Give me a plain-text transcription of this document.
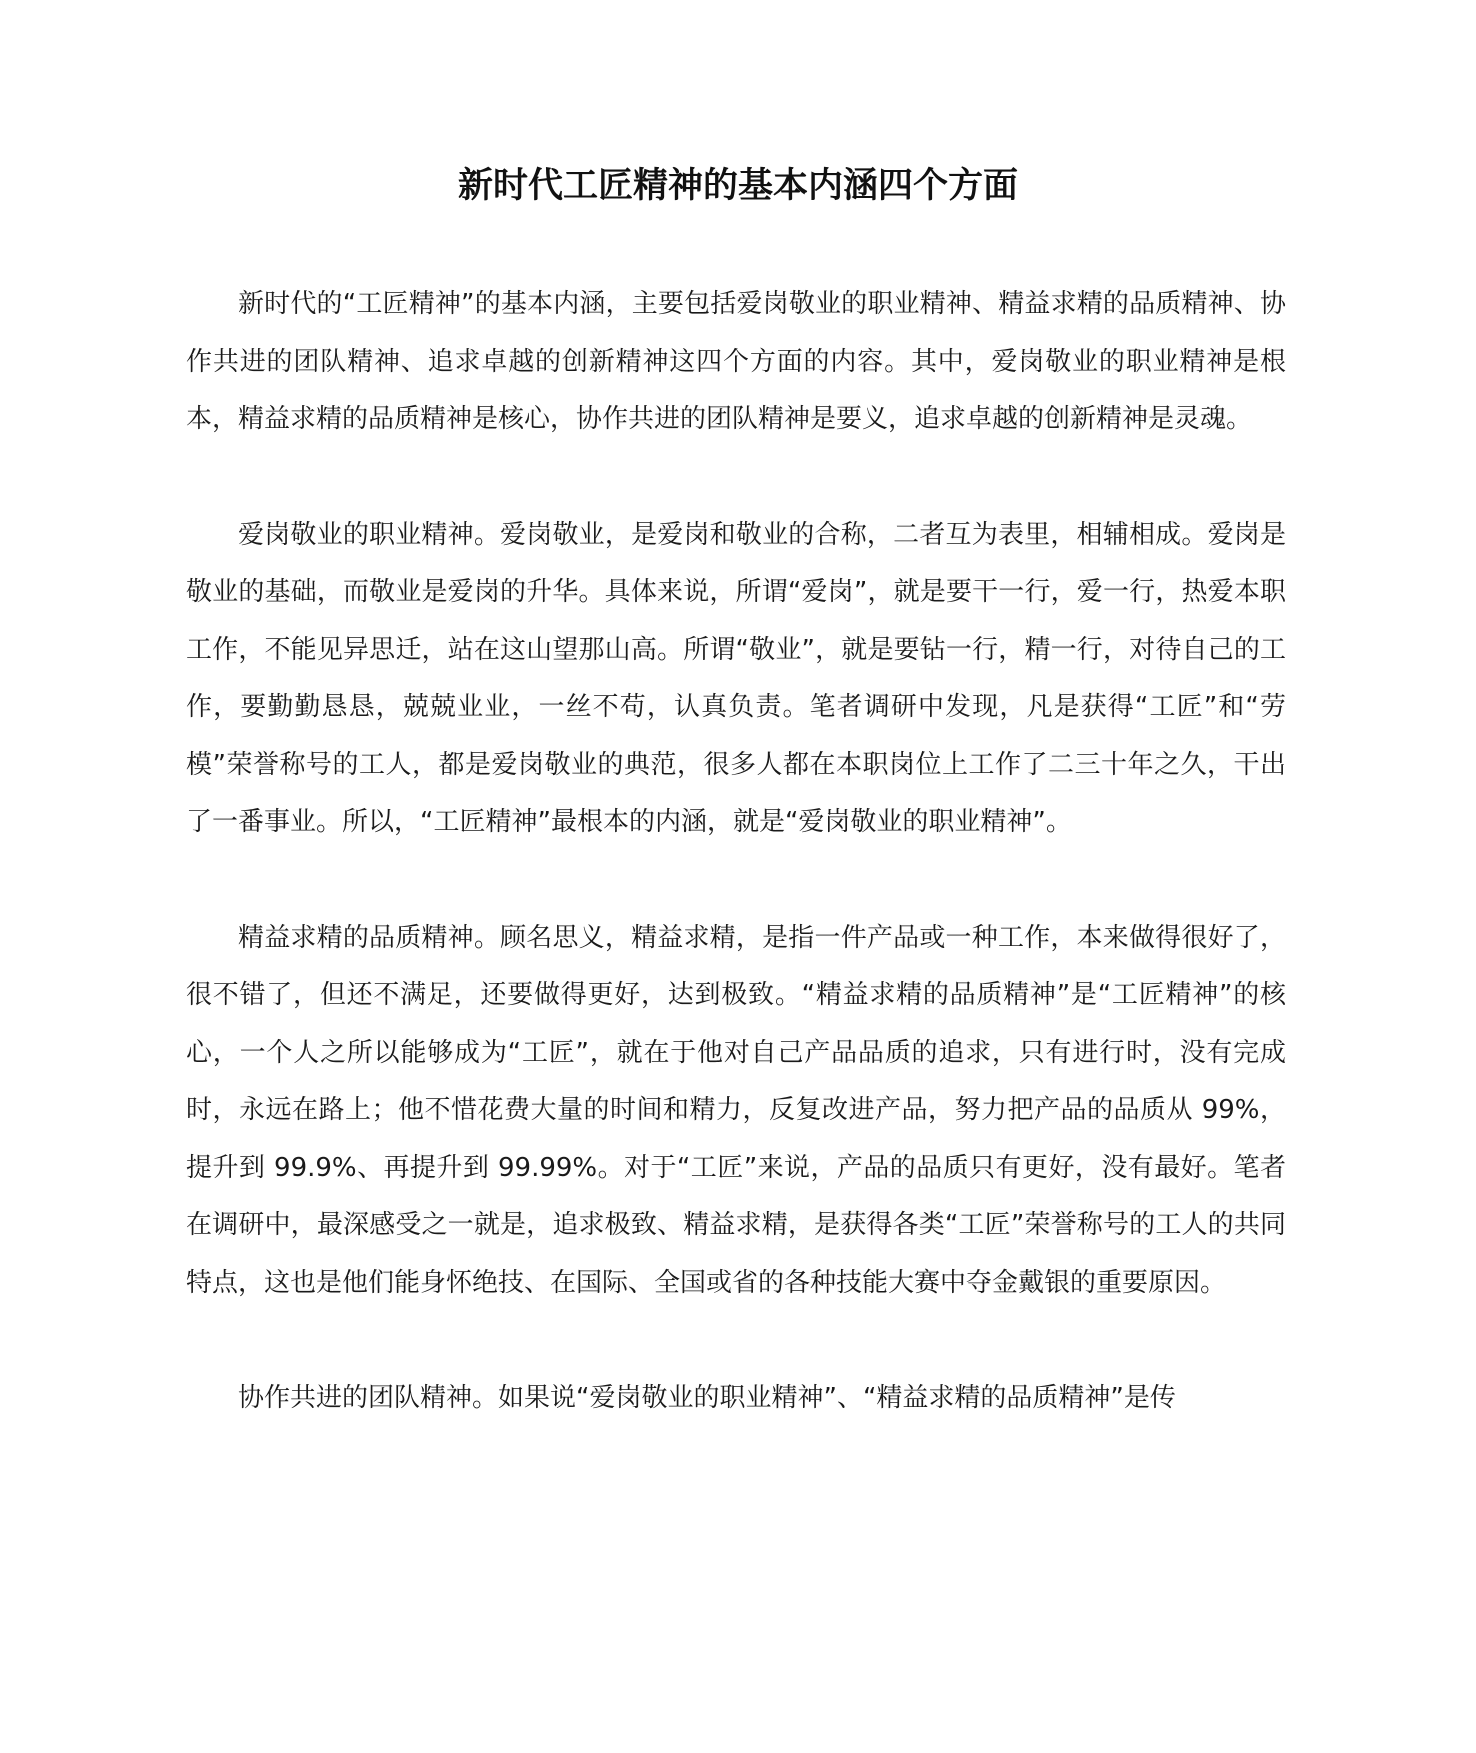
新时代工匠精神的基本内涵四个方面

新时代的“工匠精神”的基本内涵，主要包括爱岗敬业的职业精神、精益求精的品质精神、协作共进的团队精神、追求卓越的创新精神这四个方面的内容。其中，爱岗敬业的职业精神是根本，精益求精的品质精神是核心，协作共进的团队精神是要义，追求卓越的创新精神是灵魂。

爱岗敬业的职业精神。爱岗敬业，是爱岗和敬业的合称，二者互为表里，相辅相成。爱岗是敬业的基础，而敬业是爱岗的升华。具体来说，所谓“爱岗”，就是要干一行，爱一行，热爱本职工作，不能见异思迁，站在这山望那山高。所谓“敬业”，就是要钻一行，精一行，对待自己的工作，要勤勤恳恳，兢兢业业，一丝不苟，认真负责。笔者调研中发现，凡是获得“工匠”和“劳模”荣誉称号的工人，都是爱岗敬业的典范，很多人都在本职岗位上工作了二三十年之久，干出了一番事业。所以，“工匠精神”最根本的内涵，就是“爱岗敬业的职业精神”。

精益求精的品质精神。顾名思义，精益求精，是指一件产品或一种工作，本来做得很好了，很不错了，但还不满足，还要做得更好，达到极致。“精益求精的品质精神”是“工匠精神”的核心，一个人之所以能够成为“工匠”，就在于他对自己产品品质的追求，只有进行时，没有完成时，永远在路上；他不惜花费大量的时间和精力，反复改进产品，努力把产品的品质从 99%，提升到 99.9%、再提升到 99.99%。对于“工匠”来说，产品的品质只有更好，没有最好。笔者在调研中，最深感受之一就是，追求极致、精益求精，是获得各类“工匠”荣誉称号的工人的共同特点，这也是他们能身怀绝技、在国际、全国或省的各种技能大赛中夺金戴银的重要原因。

协作共进的团队精神。如果说“爱岗敬业的职业精神”、“精益求精的品质精神”是传
